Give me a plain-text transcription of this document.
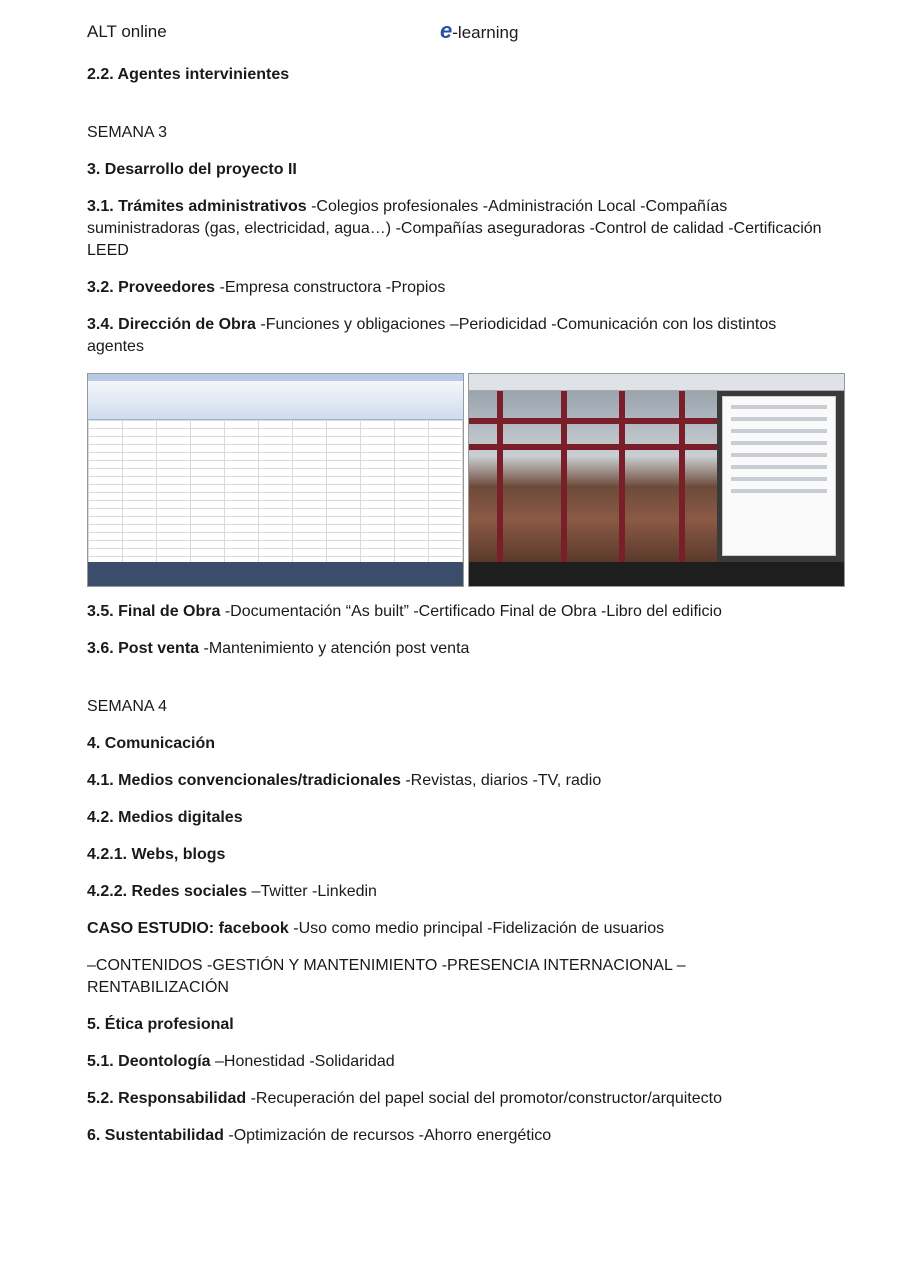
ALT online	e-learning
2.2. Agentes intervinientes
SEMANA 3
3. Desarrollo del proyecto II
3.1. Trámites administrativos -Colegios profesionales -Administración Local -Compañías suministradoras (gas, electricidad, agua…) -Compañías aseguradoras -Control de calidad -Certificación LEED
3.2. Proveedores -Empresa constructora -Propios
3.4. Dirección de Obra -Funciones y obligaciones –Periodicidad -Comunicación con los distintos agentes
3.5. Final de Obra -Documentación “As built” -Certificado Final de Obra -Libro del edificio
3.6. Post venta -Mantenimiento y atención post venta
SEMANA 4
4. Comunicación
4.1. Medios convencionales/tradicionales -Revistas, diarios -TV, radio
4.2. Medios digitales
4.2.1. Webs, blogs
4.2.2. Redes sociales –Twitter -Linkedin
CASO ESTUDIO: facebook -Uso como medio principal -Fidelización de usuarios
–CONTENIDOS -GESTIÓN Y MANTENIMIENTO -PRESENCIA INTERNACIONAL –RENTABILIZACIÓN
5. Ética profesional
5.1. Deontología –Honestidad -Solidaridad
5.2. Responsabilidad -Recuperación del papel social del promotor/constructor/arquitecto
6. Sustentabilidad -Optimización de recursos -Ahorro energético
